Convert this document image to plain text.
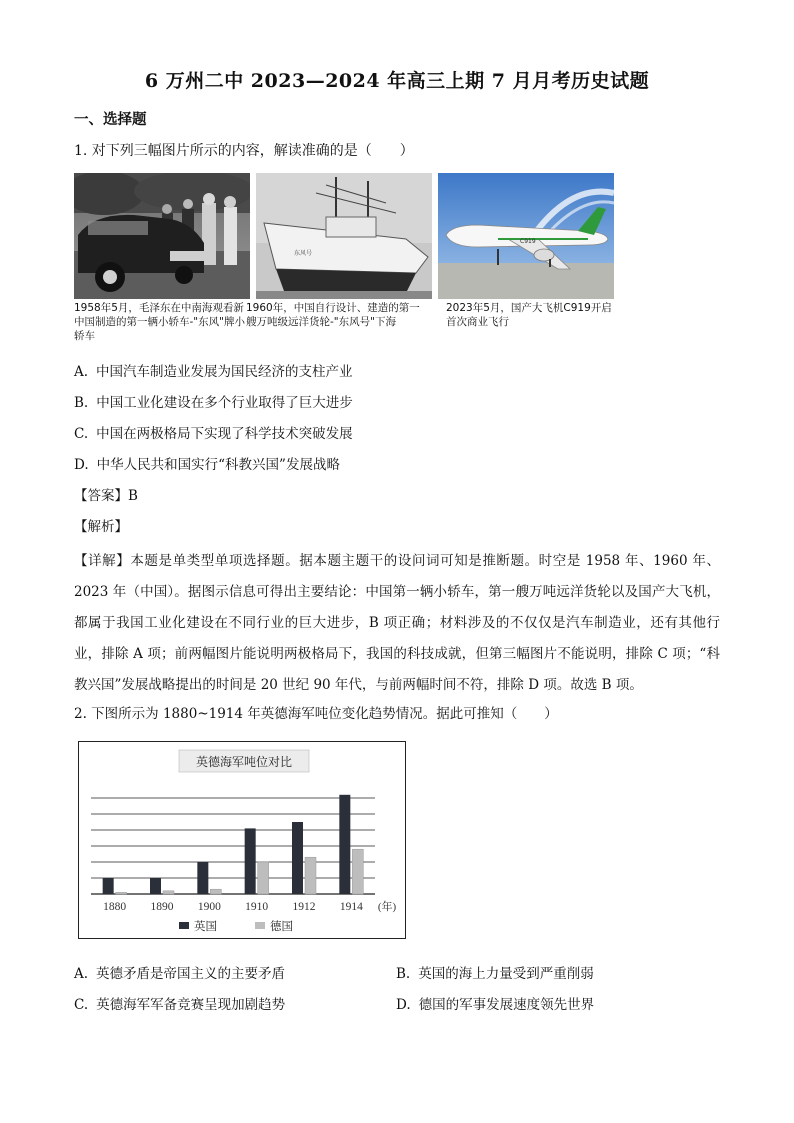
6 万州二中 2023—2024 年高三上期 7 月月考历史试题
一、选择题
1. 对下列三幅图片所示的内容，解读准确的是（　　）
东风号
C919
1958年5月，毛泽东在中南海观看新中国制造的第一辆小轿车-"东风"牌小轿车
1960年，中国自行设计、建造的第一艘万吨级远洋货轮-"东风号"下海
2023年5月，国产大飞机C919开启首次商业飞行
A. 中国汽车制造业发展为国民经济的支柱产业
B. 中国工业化建设在多个行业取得了巨大进步
C. 中国在两极格局下实现了科学技术突破发展
D. 中华人民共和国实行“科教兴国”发展战略
【答案】B
【解析】
【详解】本题是单类型单项选择题。据本题主题干的设问词可知是推断题。时空是 1958 年、1960 年、2023 年（中国）。据图示信息可得出主要结论：中国第一辆小轿车，第一艘万吨远洋货轮以及国产大飞机，都属于我国工业化建设在不同行业的巨大进步，B 项正确；材料涉及的不仅仅是汽车制造业，还有其他行业，排除 A 项；前两幅图片能说明两极格局下，我国的科技成就，但第三幅图片不能说明，排除 C 项；“科教兴国”发展战略提出的时间是 20 世纪 90 年代，与前两幅时间不符，排除 D 项。故选 B 项。
2. 下图所示为 1880~1914 年英德海军吨位变化趋势情况。据此可推知（　　）
英德海军吨位对比
1880 1890 1900 1910 1912 1914 (年)
英国	德国
A. 英德矛盾是帝国主义的主要矛盾	B. 英国的海上力量受到严重削弱
C. 英德海军军备竞赛呈现加剧趋势	D. 德国的军事发展速度领先世界
